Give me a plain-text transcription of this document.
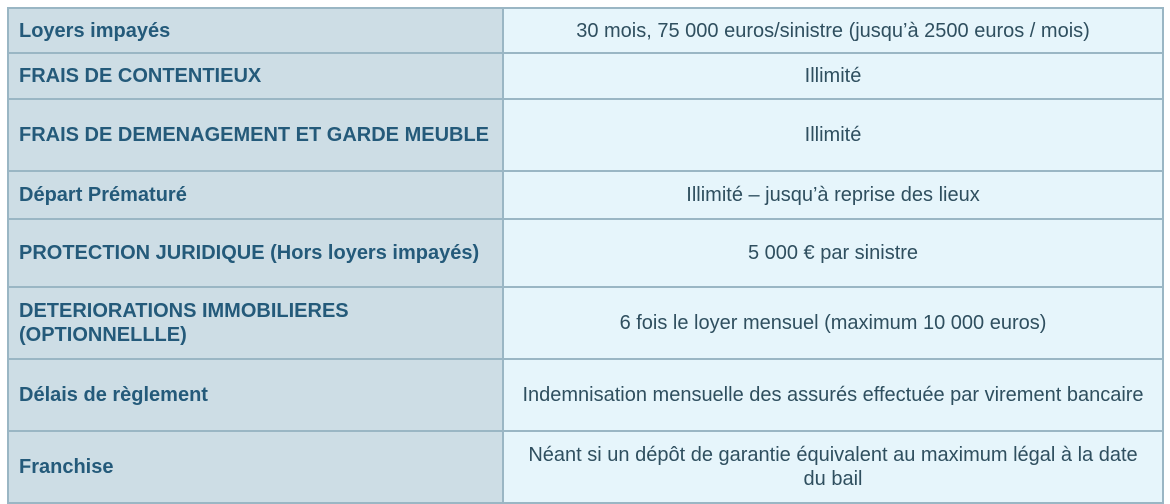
Loyers impayés	30 mois, 75 000 euros/sinistre (jusqu’à 2500 euros / mois)
FRAIS DE CONTENTIEUX	Illimité
FRAIS DE DEMENAGEMENT ET GARDE MEUBLE	Illimité
Départ Prématuré	Illimité – jusqu’à reprise des lieux
PROTECTION JURIDIQUE (Hors loyers impayés)	5 000 € par sinistre
DETERIORATIONS IMMOBILIERES (OPTIONNELLLE)	6 fois le loyer mensuel (maximum 10 000 euros)
Délais de règlement	Indemnisation mensuelle des assurés effectuée par virement bancaire
Franchise	Néant si un dépôt de garantie équivalent au maximum légal à la date du bail
